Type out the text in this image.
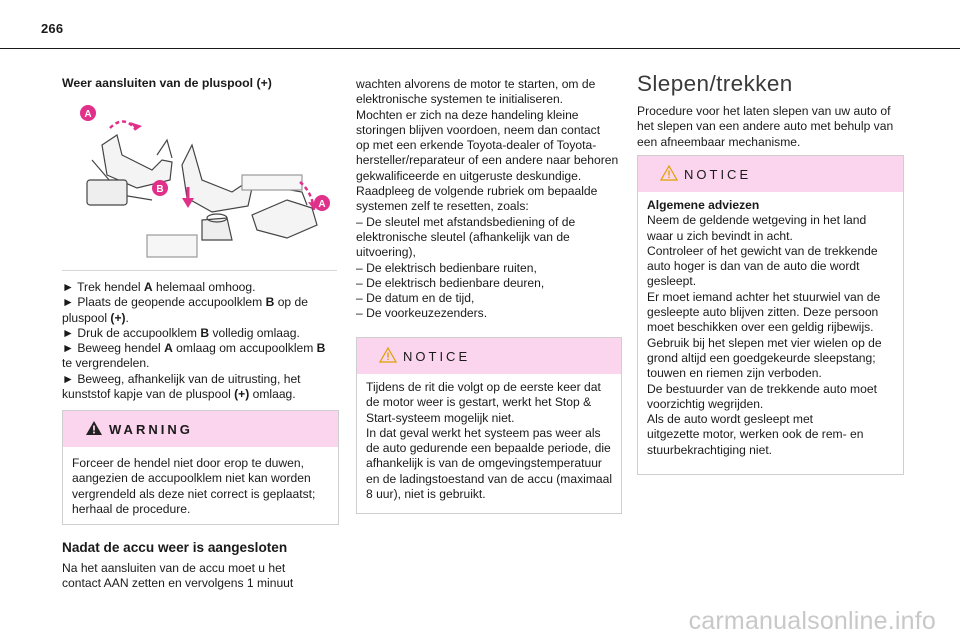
266
Weer aansluiten van de pluspool (+)
A
B
A

► Trek hendel A helemaal omhoog.

► Plaats de geopende accupoolklem B op de pluspool (+).

► Druk de accupoolklem B volledig omlaag.

► Beweeg hendel A omlaag om accupoolklem B te vergrendelen.

► Beweeg, afhankelijk van de uitrusting, het kunststof kapje van de pluspool (+) omlaag.

WARNING
Forceer de hendel niet door erop te duwen, aangezien de accupoolklem niet kan worden vergrendeld als deze niet correct is geplaatst; herhaal de procedure.
Nadat de accu weer is aangesloten
Na het aansluiten van de accu moet u het contact AAN zetten en vervolgens 1 minuut

wachten alvorens de motor te starten, om de

elektronische systemen te initialiseren.

Mochten er zich na deze handeling kleine

storingen blijven voordoen, neem dan contact

op met een erkende Toyota-dealer of Toyota-

hersteller/reparateur of een andere naar behoren

gekwalificeerde en uitgeruste deskundige.

Raadpleeg de volgende rubriek om bepaalde

systemen zelf te resetten, zoals:

– De sleutel met afstandsbediening of de

elektronische sleutel (afhankelijk van de

uitvoering),

– De elektrisch bedienbare ruiten,

– De elektrisch bedienbare deuren,

– De datum en de tijd,

– De voorkeuzezenders.

NOTICE

Tijdens de rit die volgt op de eerste keer dat

de motor weer is gestart, werkt het Stop &

Start-systeem mogelijk niet.

In dat geval werkt het systeem pas weer als

de auto gedurende een bepaalde periode, die

afhankelijk is van de omgevingstemperatuur

en de ladingstoestand van de accu (maximaal

8 uur), niet is gebruikt.

Slepen/trekken
Procedure voor het laten slepen van uw auto of het slepen van een andere auto met behulp van een afneembaar mechanisme.
NOTICE

Algemene adviezen

Neem de geldende wetgeving in het land

waar u zich bevindt in acht.

Controleer of het gewicht van de trekkende

auto hoger is dan van de auto die wordt

gesleept.

Er moet iemand achter het stuurwiel van de

gesleepte auto blijven zitten. Deze persoon

moet beschikken over een geldig rijbewijs.

Gebruik bij het slepen met vier wielen op de

grond altijd een goedgekeurde sleepstang;

touwen en riemen zijn verboden.

De bestuurder van de trekkende auto moet

voorzichtig wegrijden.

Als de auto wordt gesleept met

uitgezette motor, werken ook de rem- en

stuurbekrachtiging niet.

carmanualsonline.info
